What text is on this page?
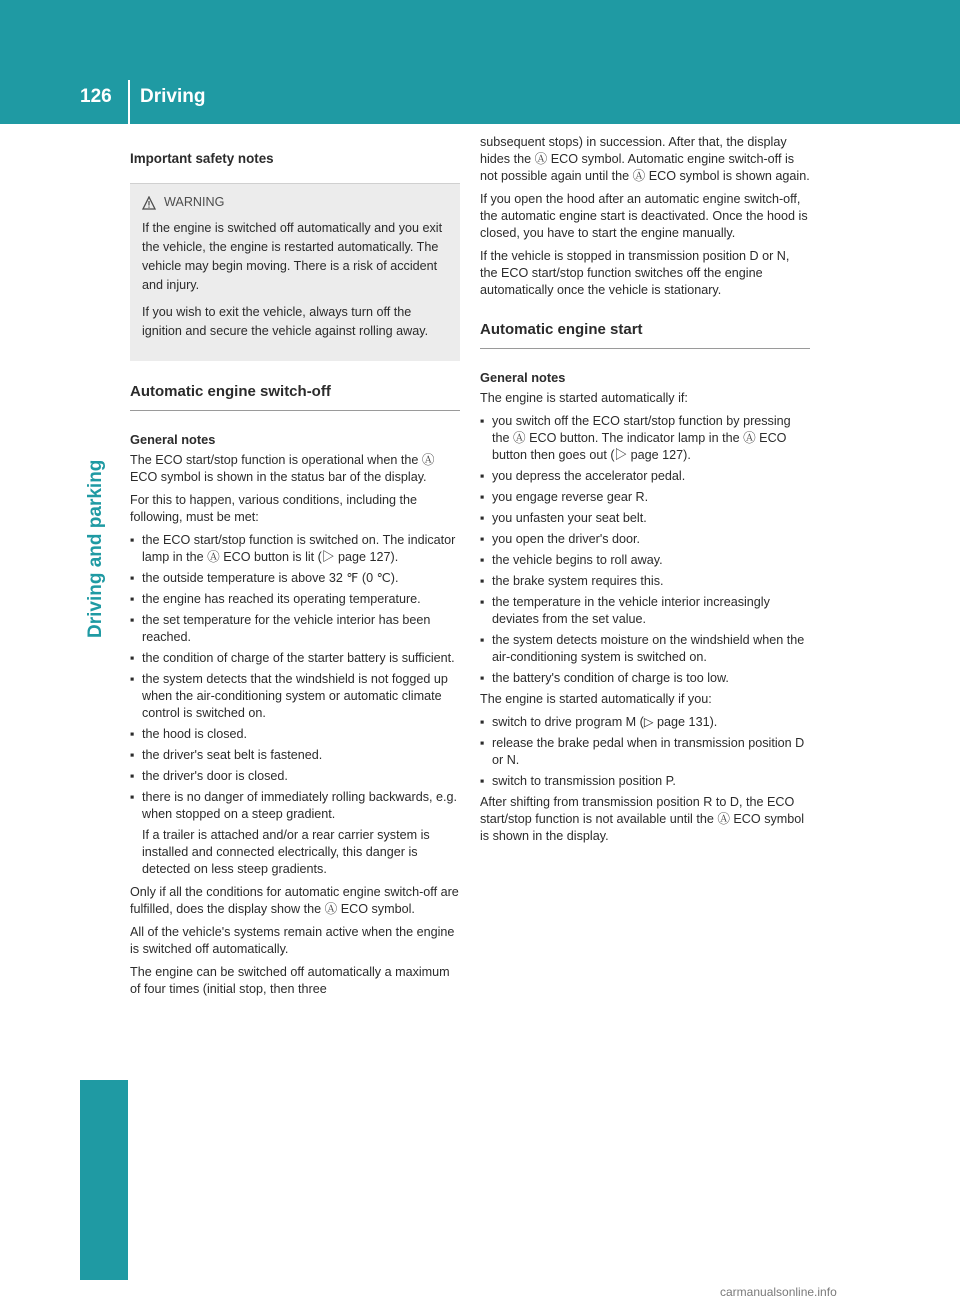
126 Driving
Driving and parking
Important safety notes
WARNING

If the engine is switched off automatically and you exit the vehicle, the engine is restarted automatically. The vehicle may begin moving. There is a risk of accident and injury.

If you wish to exit the vehicle, always turn off the ignition and secure the vehicle against rolling away.

Automatic engine switch-off
General notes

The ECO start/stop function is operational when the Ⓐ ECO symbol is shown in the status bar of the display.

For this to happen, various conditions, including the following, must be met:

▪ the ECO start/stop function is switched on. The indicator lamp in the Ⓐ ECO button is lit (▷ page 127).
▪ the outside temperature is above 32 ℉ (0 ℃).
▪ the engine has reached its operating temperature.
▪ the set temperature for the vehicle interior has been reached.
▪ the condition of charge of the starter battery is sufficient.
▪ the system detects that the windshield is not fogged up when the air-conditioning system or automatic climate control is switched on.
▪ the hood is closed.
▪ the driver's seat belt is fastened.
▪ the driver's door is closed.
▪ there is no danger of immediately rolling backwards, e.g. when stopped on a steep gradient.

If a trailer is attached and/or a rear carrier system is installed and connected electrically, this danger is detected on less steep gradients.

Only if all the conditions for automatic engine switch-off are fulfilled, does the display show the Ⓐ ECO symbol.

All of the vehicle's systems remain active when the engine is switched off automatically.

The engine can be switched off automatically a maximum of four times (initial stop, then three

subsequent stops) in succession. After that, the display hides the Ⓐ ECO symbol. Automatic engine switch-off is not possible again until the Ⓐ ECO symbol is shown again.

If you open the hood after an automatic engine switch-off, the automatic engine start is deactivated. Once the hood is closed, you have to start the engine manually.

If the vehicle is stopped in transmission position D or N, the ECO start/stop function switches off the engine automatically once the vehicle is stationary.

Automatic engine start
General notes

The engine is started automatically if:

▪ you switch off the ECO start/stop function by pressing the Ⓐ ECO button. The indicator lamp in the Ⓐ ECO button then goes out (▷ page 127).
▪ you depress the accelerator pedal.
▪ you engage reverse gear R.
▪ you unfasten your seat belt.
▪ you open the driver's door.
▪ the vehicle begins to roll away.
▪ the brake system requires this.
▪ the temperature in the vehicle interior increasingly deviates from the set value.
▪ the system detects moisture on the windshield when the air-conditioning system is switched on.
▪ the battery's condition of charge is too low.

The engine is started automatically if you:

▪ switch to drive program M (▷ page 131).
▪ release the brake pedal when in transmission position D or N.
▪ switch to transmission position P.

After shifting from transmission position R to D, the ECO start/stop function is not available until the Ⓐ ECO symbol is shown in the display.

carmanualsonline.info
